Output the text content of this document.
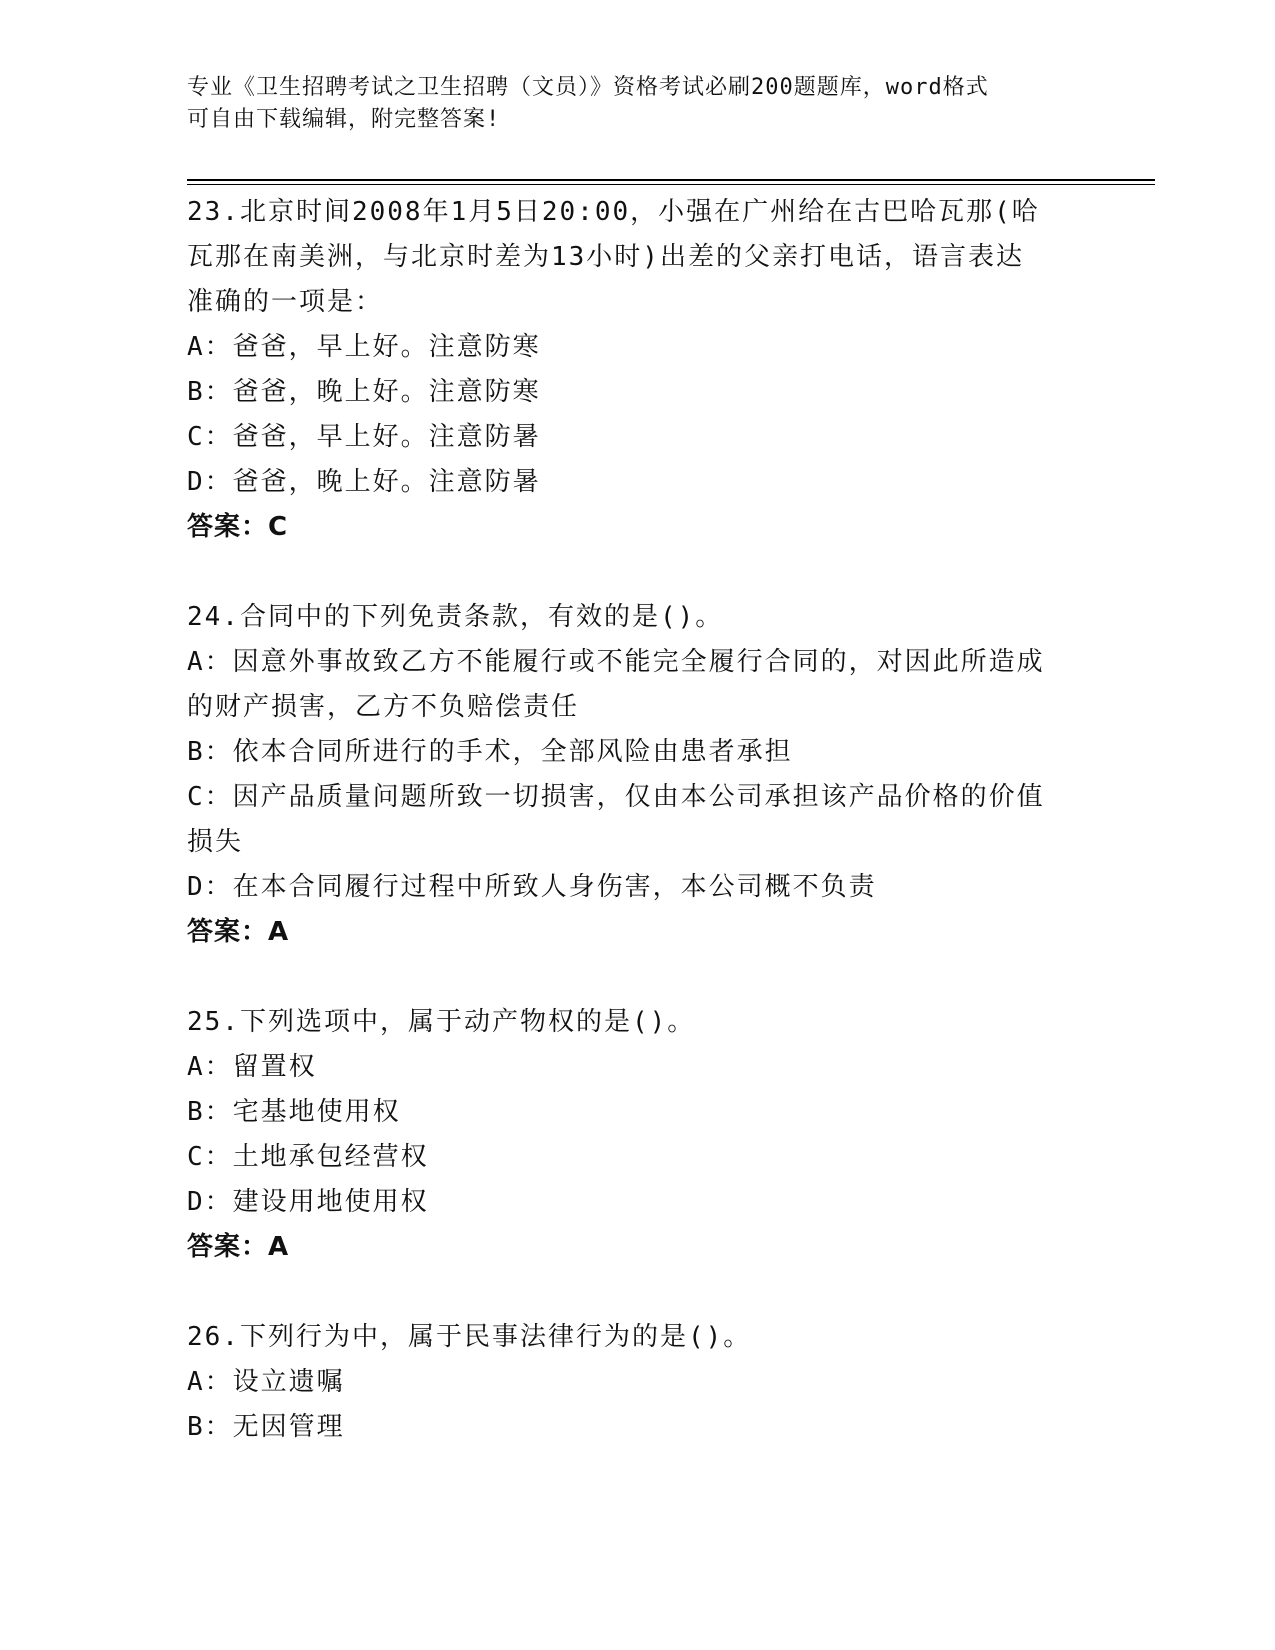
专业《卫生招聘考试之卫生招聘（文员）》资格考试必刷200题题库，word格式
可自由下载编辑，附完整答案!
23.北京时间2008年1月5日20:00，小强在广州给在古巴哈瓦那(哈
瓦那在南美洲，与北京时差为13小时)出差的父亲打电话，语言表达
准确的一项是：
A：爸爸，早上好。注意防寒
B：爸爸，晚上好。注意防寒
C：爸爸，早上好。注意防暑
D：爸爸，晚上好。注意防暑
答案：C
24.合同中的下列免责条款，有效的是()。
A：因意外事故致乙方不能履行或不能完全履行合同的，对因此所造成
的财产损害，乙方不负赔偿责任
B：依本合同所进行的手术，全部风险由患者承担
C：因产品质量问题所致一切损害，仅由本公司承担该产品价格的价值
损失
D：在本合同履行过程中所致人身伤害，本公司概不负责
答案：A
25.下列选项中，属于动产物权的是()。
A：留置权
B：宅基地使用权
C：土地承包经营权
D：建设用地使用权
答案：A
26.下列行为中，属于民事法律行为的是()。
A：设立遗嘱
B：无因管理
